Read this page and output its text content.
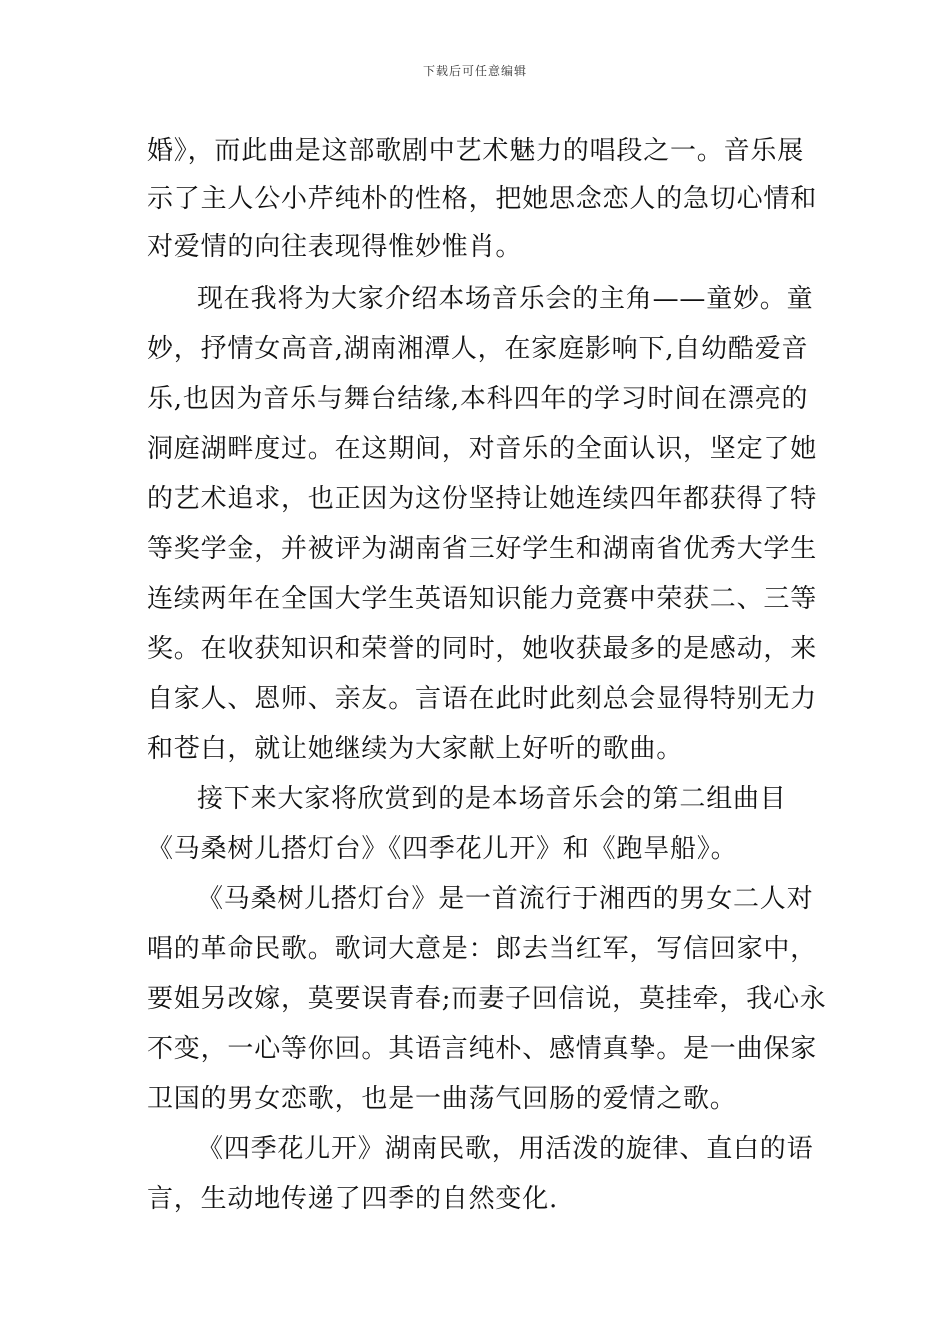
下载后可任意编辑
婚》，而此曲是这部歌剧中艺术魅力的唱段之一。音乐展
示了主人公小芹纯朴的性格，把她思念恋人的急切心情和
对爱情的向往表现得惟妙惟肖。
现在我将为大家介绍本场音乐会的主角——童妙。童
妙，抒情女高音,湖南湘潭人，在家庭影响下,自幼酷爱音
乐,也因为音乐与舞台结缘,本科四年的学习时间在漂亮的
洞庭湖畔度过。在这期间，对音乐的全面认识，坚定了她
的艺术追求，也正因为这份坚持让她连续四年都获得了特
等奖学金，并被评为湖南省三好学生和湖南省优秀大学生
连续两年在全国大学生英语知识能力竞赛中荣获二、三等
奖。在收获知识和荣誉的同时，她收获最多的是感动，来
自家人、恩师、亲友。言语在此时此刻总会显得特别无力
和苍白，就让她继续为大家献上好听的歌曲。
接下来大家将欣赏到的是本场音乐会的第二组曲目
《马桑树儿搭灯台》《四季花儿开》和《跑旱船》。
《马桑树儿搭灯台》是一首流行于湘西的男女二人对
唱的革命民歌。歌词大意是：郎去当红军，写信回家中，
要姐另改嫁，莫要误青春;而妻子回信说，莫挂牵，我心永
不变，一心等你回。其语言纯朴、感情真挚。是一曲保家
卫国的男女恋歌，也是一曲荡气回肠的爱情之歌。
《四季花儿开》湖南民歌，用活泼的旋律、直白的语
言，生动地传递了四季的自然变化.
